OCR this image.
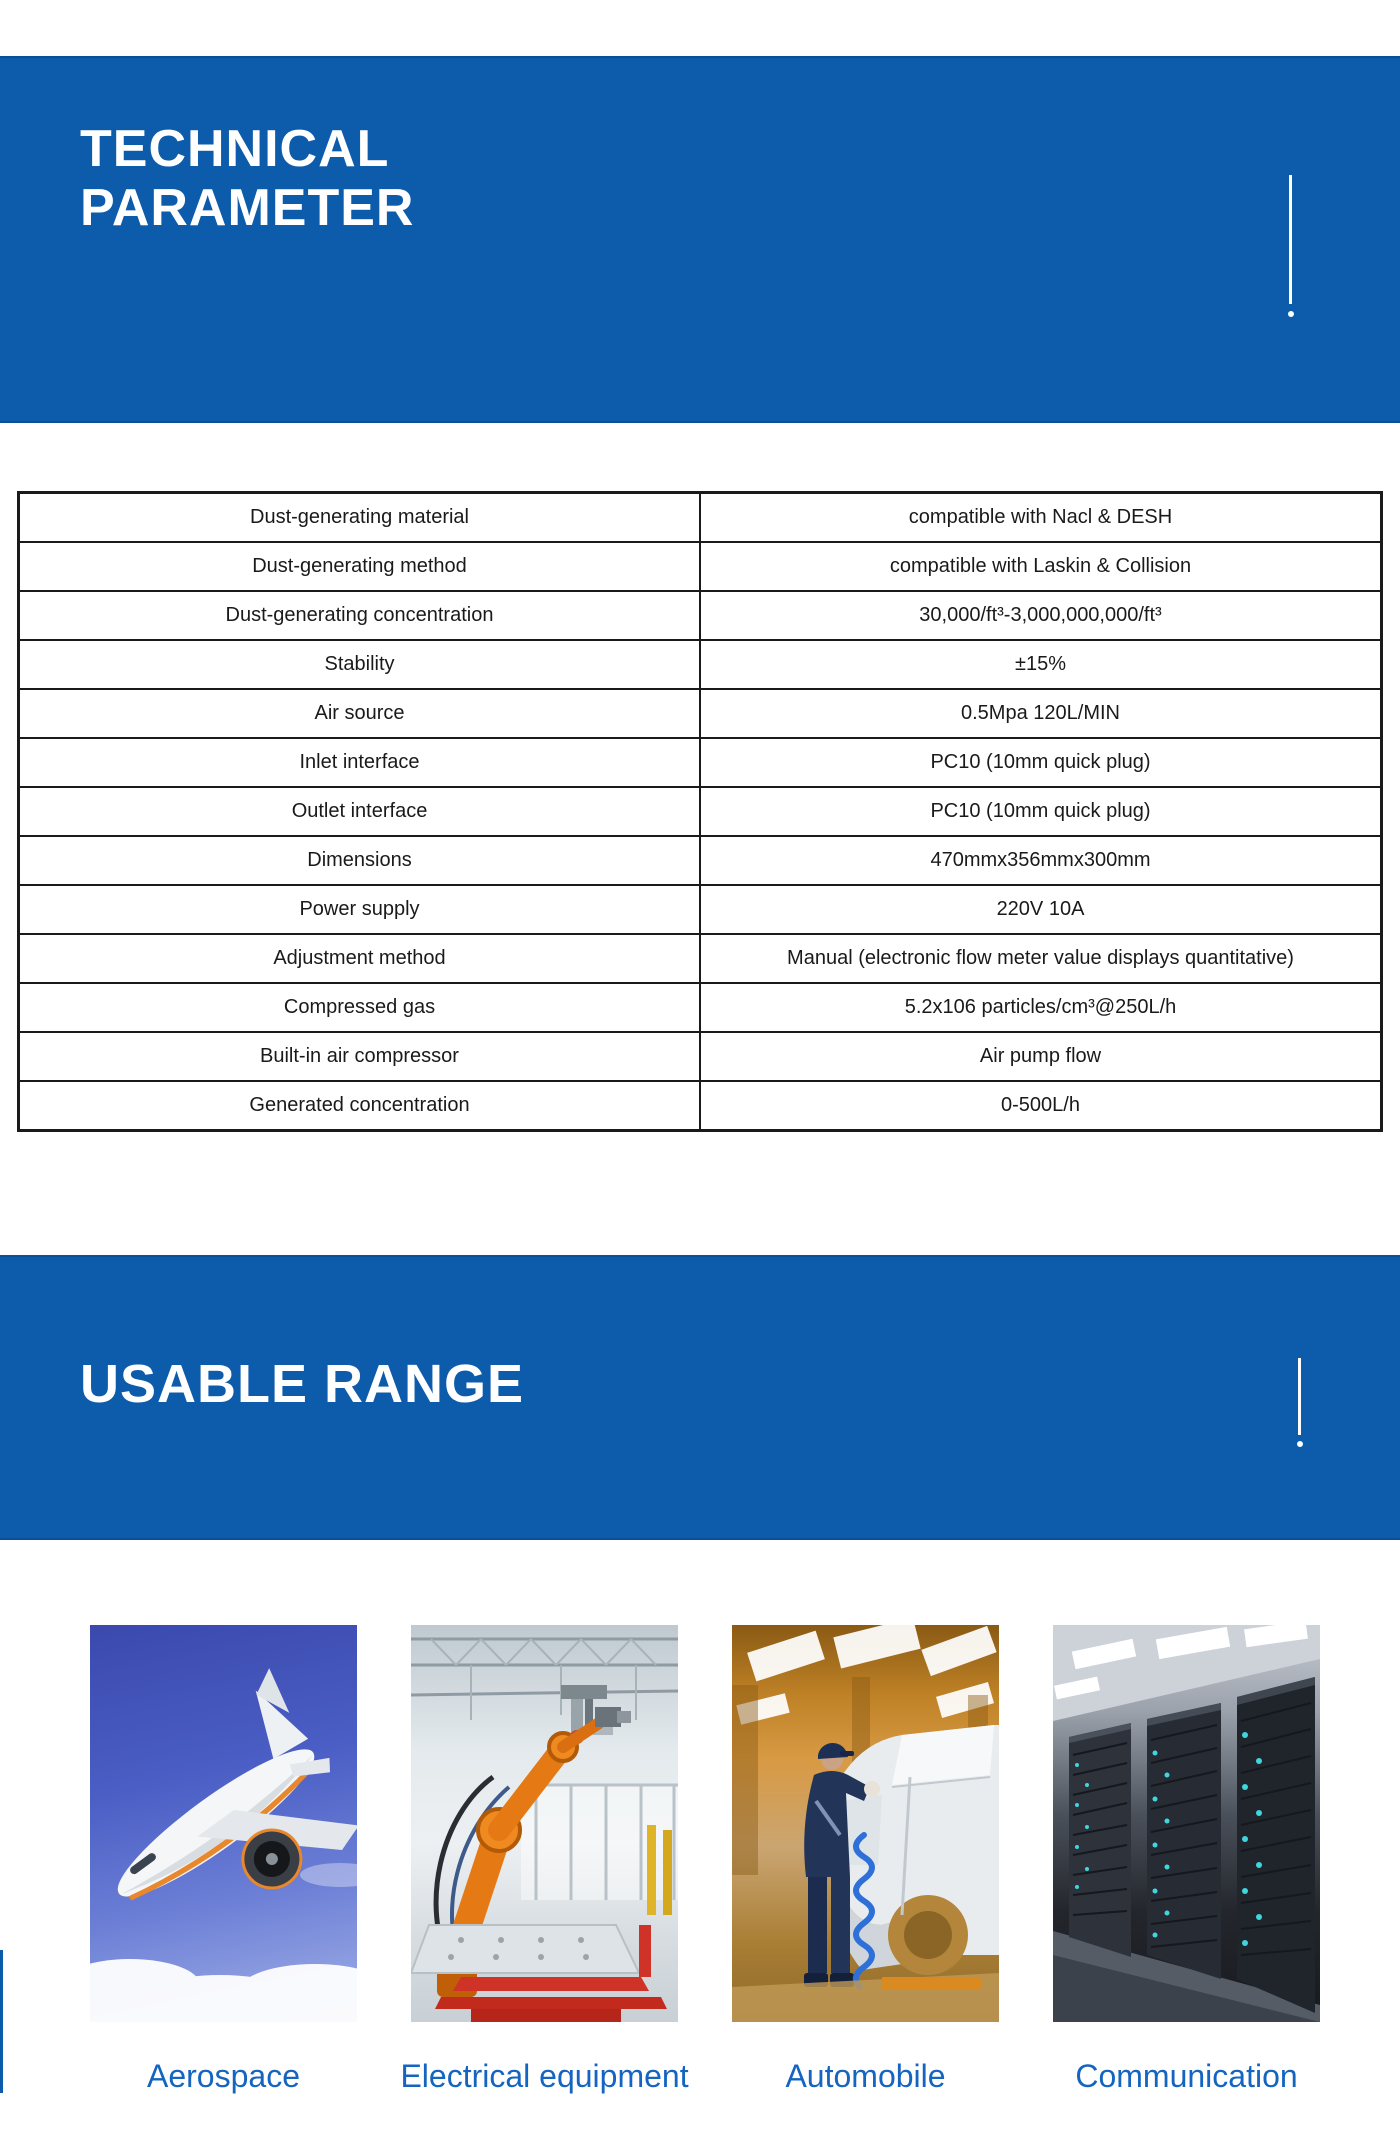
TECHNICAL
PARAMETER
Dust-generating material	compatible with Nacl & DESH
Dust-generating method	compatible with Laskin & Collision
Dust-generating concentration	30,000/ft³-3,000,000,000/ft³
Stability	±15%
Air source	0.5Mpa 120L/MIN
Inlet interface	PC10 (10mm quick plug)
Outlet interface	PC10 (10mm quick plug)
Dimensions	470mmx356mmx300mm
Power supply	220V 10A
Adjustment method	Manual (electronic flow meter value displays quantitative)
Compressed gas	5.2x106 particles/cm³@250L/h
Built-in air compressor	Air pump flow
Generated concentration	0-500L/h
USABLE RANGE
Aerospace	Electrical equipment	Automobile	Communication
